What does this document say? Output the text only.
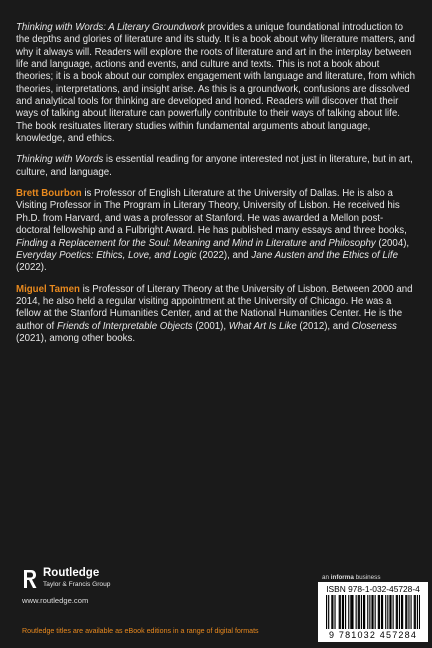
Thinking with Words: A Literary Groundwork provides a unique foundational introduction to the depths and glories of literature and its study. It is a book about why literature matters, and why it always will. Readers will explore the roots of literature and art in the interplay between life and language, actions and events, and culture and texts. This is not a book about theories; it is a book about our complex engagement with language and literature, from which theories, interpretations, and insight arise. As this is a groundwork, confusions are dissolved and analytical tools for thinking are developed and honed. Readers will discover that their ways of talking about literature can powerfully contribute to their ways of talking about life. The book resituates literary studies within fundamental arguments about language, knowledge, and ethics.

Thinking with Words is essential reading for anyone interested not just in literature, but in art, culture, and language.

Brett Bourbon is Professor of English Literature at the University of Dallas. He is also a Visiting Professor in The Program in Literary Theory, University of Lisbon. He received his Ph.D. from Harvard, and was a professor at Stanford. He was awarded a Mellon post-doctoral fellowship and a Fulbright Award. He has published many essays and three books, Finding a Replacement for the Soul: Meaning and Mind in Literature and Philosophy (2004), Everyday Poetics: Ethics, Love, and Logic (2022), and Jane Austen and the Ethics of Life (2022).

Miguel Tamen is Professor of Literary Theory at the University of Lisbon. Between 2000 and 2014, he also held a regular visiting appointment at the University of Chicago. He was a fellow at the Stanford Humanities Center, and at the National Humanities Center. He is the author of Friends of Interpretable Objects (2001), What Art Is Like (2012), and Closeness (2021), among other books.

Routledge
Taylor & Francis Group
www.routledge.com
Routledge titles are available as eBook editions in a range of digital formats
an informa business
ISBN 978-1-032-45728-4
9 781032 457284
